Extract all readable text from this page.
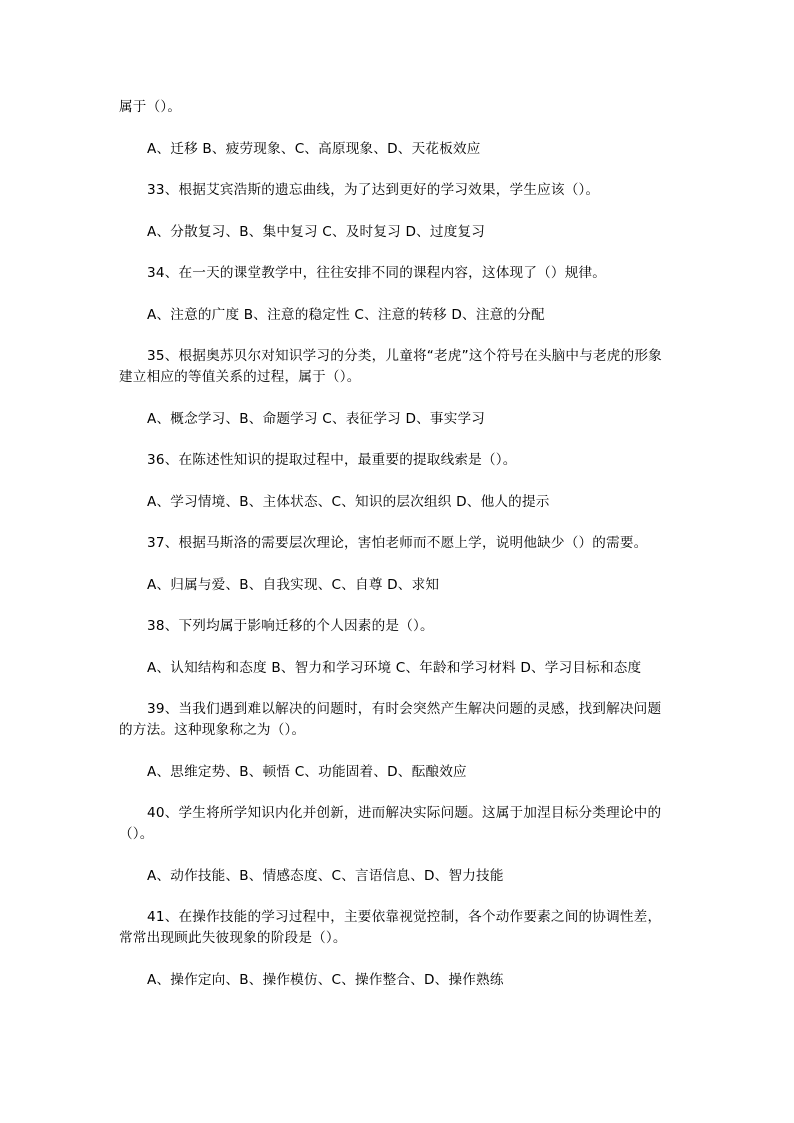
属于（）。

A、迁移 B、疲劳现象、C、高原现象、D、天花板效应

33、根据艾宾浩斯的遗忘曲线，为了达到更好的学习效果，学生应该（）。

A、分散复习、B、集中复习 C、及时复习 D、过度复习

34、在一天的课堂教学中，往往安排不同的课程内容，这体现了（）规律。

A、注意的广度 B、注意的稳定性 C、注意的转移 D、注意的分配

35、根据奥苏贝尔对知识学习的分类，儿童将“老虎”这个符号在头脑中与老虎的形象建立相应的等值关系的过程，属于（）。

A、概念学习、B、命题学习 C、表征学习 D、事实学习

36、在陈述性知识的提取过程中，最重要的提取线索是（）。

A、学习情境、B、主体状态、C、知识的层次组织 D、他人的提示

37、根据马斯洛的需要层次理论，害怕老师而不愿上学，说明他缺少（）的需要。

A、归属与爱、B、自我实现、C、自尊 D、求知

38、下列均属于影响迁移的个人因素的是（）。

A、认知结构和态度 B、智力和学习环境 C、年龄和学习材料 D、学习目标和态度

39、当我们遇到难以解决的问题时，有时会突然产生解决问题的灵感，找到解决问题的方法。这种现象称之为（）。

A、思维定势、B、顿悟 C、功能固着、D、酝酿效应

40、学生将所学知识内化并创新，进而解决实际问题。这属于加涅目标分类理论中的（）。

A、动作技能、B、情感态度、C、言语信息、D、智力技能

41、在操作技能的学习过程中，主要依靠视觉控制，各个动作要素之间的协调性差，常常出现顾此失彼现象的阶段是（）。

A、操作定向、B、操作模仿、C、操作整合、D、操作熟练
